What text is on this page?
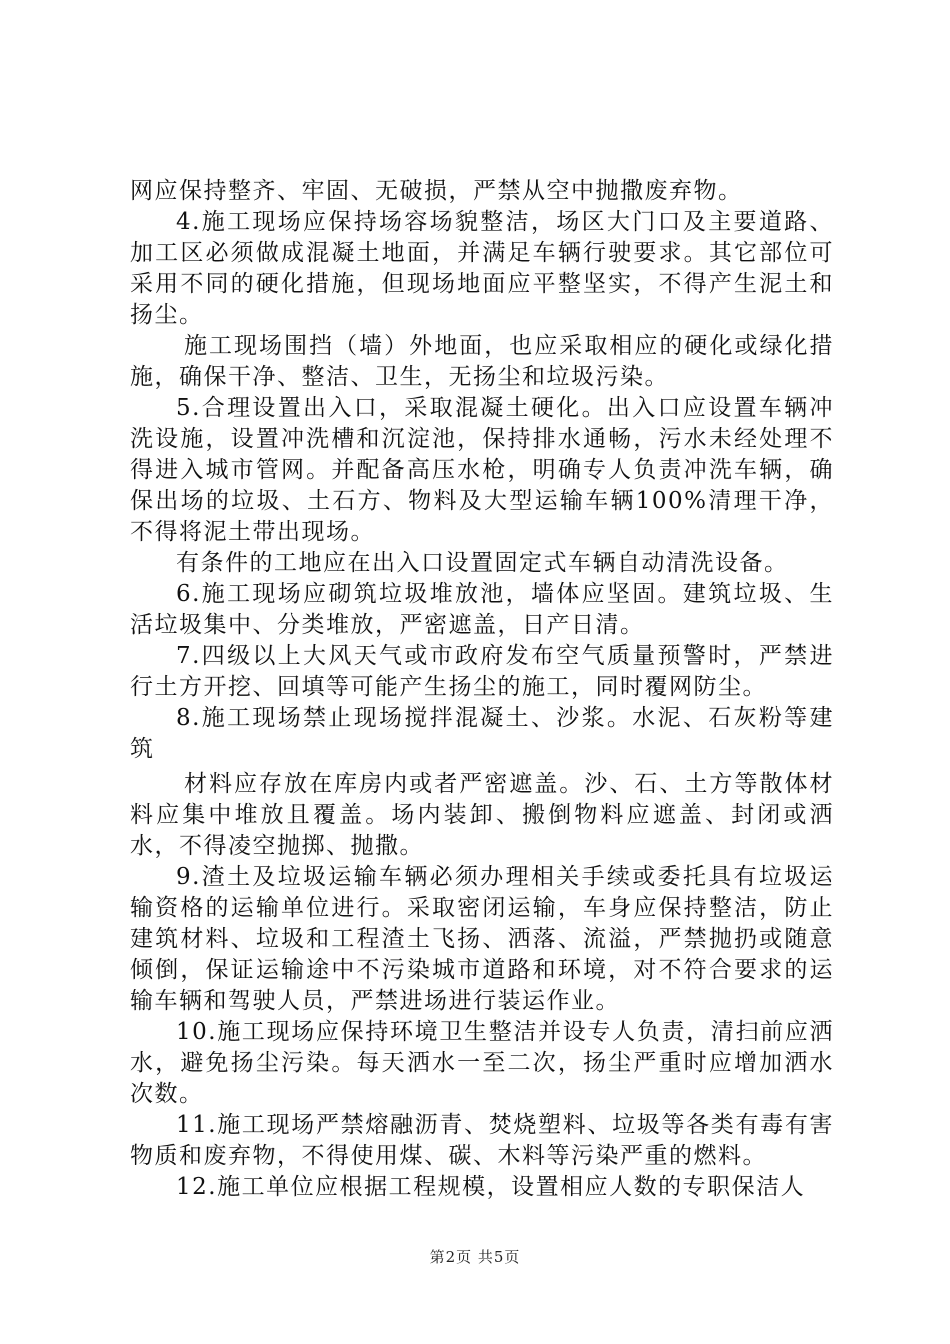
网应保持整齐、牢固、无破损，严禁从空中抛撒废弃物。

4.施工现场应保持场容场貌整洁，场区大门口及主要道路、加工区必须做成混凝土地面，并满足车辆行驶要求。其它部位可采用不同的硬化措施，但现场地面应平整坚实，不得产生泥土和扬尘。

施工现场围挡（墙）外地面，也应采取相应的硬化或绿化措施，确保干净、整洁、卫生，无扬尘和垃圾污染。

5.合理设置出入口，采取混凝土硬化。出入口应设置车辆冲洗设施，设置冲洗槽和沉淀池，保持排水通畅，污水未经处理不得进入城市管网。并配备高压水枪，明确专人负责冲洗车辆，确保出场的垃圾、土石方、物料及大型运输车辆100%清理干净，不得将泥土带出现场。

有条件的工地应在出入口设置固定式车辆自动清洗设备。

6.施工现场应砌筑垃圾堆放池，墙体应坚固。建筑垃圾、生活垃圾集中、分类堆放，严密遮盖，日产日清。

7.四级以上大风天气或市政府发布空气质量预警时，严禁进行土方开挖、回填等可能产生扬尘的施工，同时覆网防尘。

8.施工现场禁止现场搅拌混凝土、沙浆。水泥、石灰粉等建筑

材料应存放在库房内或者严密遮盖。沙、石、土方等散体材料应集中堆放且覆盖。场内装卸、搬倒物料应遮盖、封闭或洒水，不得凌空抛掷、抛撒。

9.渣土及垃圾运输车辆必须办理相关手续或委托具有垃圾运输资格的运输单位进行。采取密闭运输，车身应保持整洁，防止建筑材料、垃圾和工程渣土飞扬、洒落、流溢，严禁抛扔或随意倾倒，保证运输途中不污染城市道路和环境，对不符合要求的运输车辆和驾驶人员，严禁进场进行装运作业。

10.施工现场应保持环境卫生整洁并设专人负责，清扫前应洒水，避免扬尘污染。每天洒水一至二次，扬尘严重时应增加洒水次数。

11.施工现场严禁熔融沥青、焚烧塑料、垃圾等各类有毒有害物质和废弃物，不得使用煤、碳、木料等污染严重的燃料。

12.施工单位应根据工程规模，设置相应人数的专职保洁人

第2页 共5页
